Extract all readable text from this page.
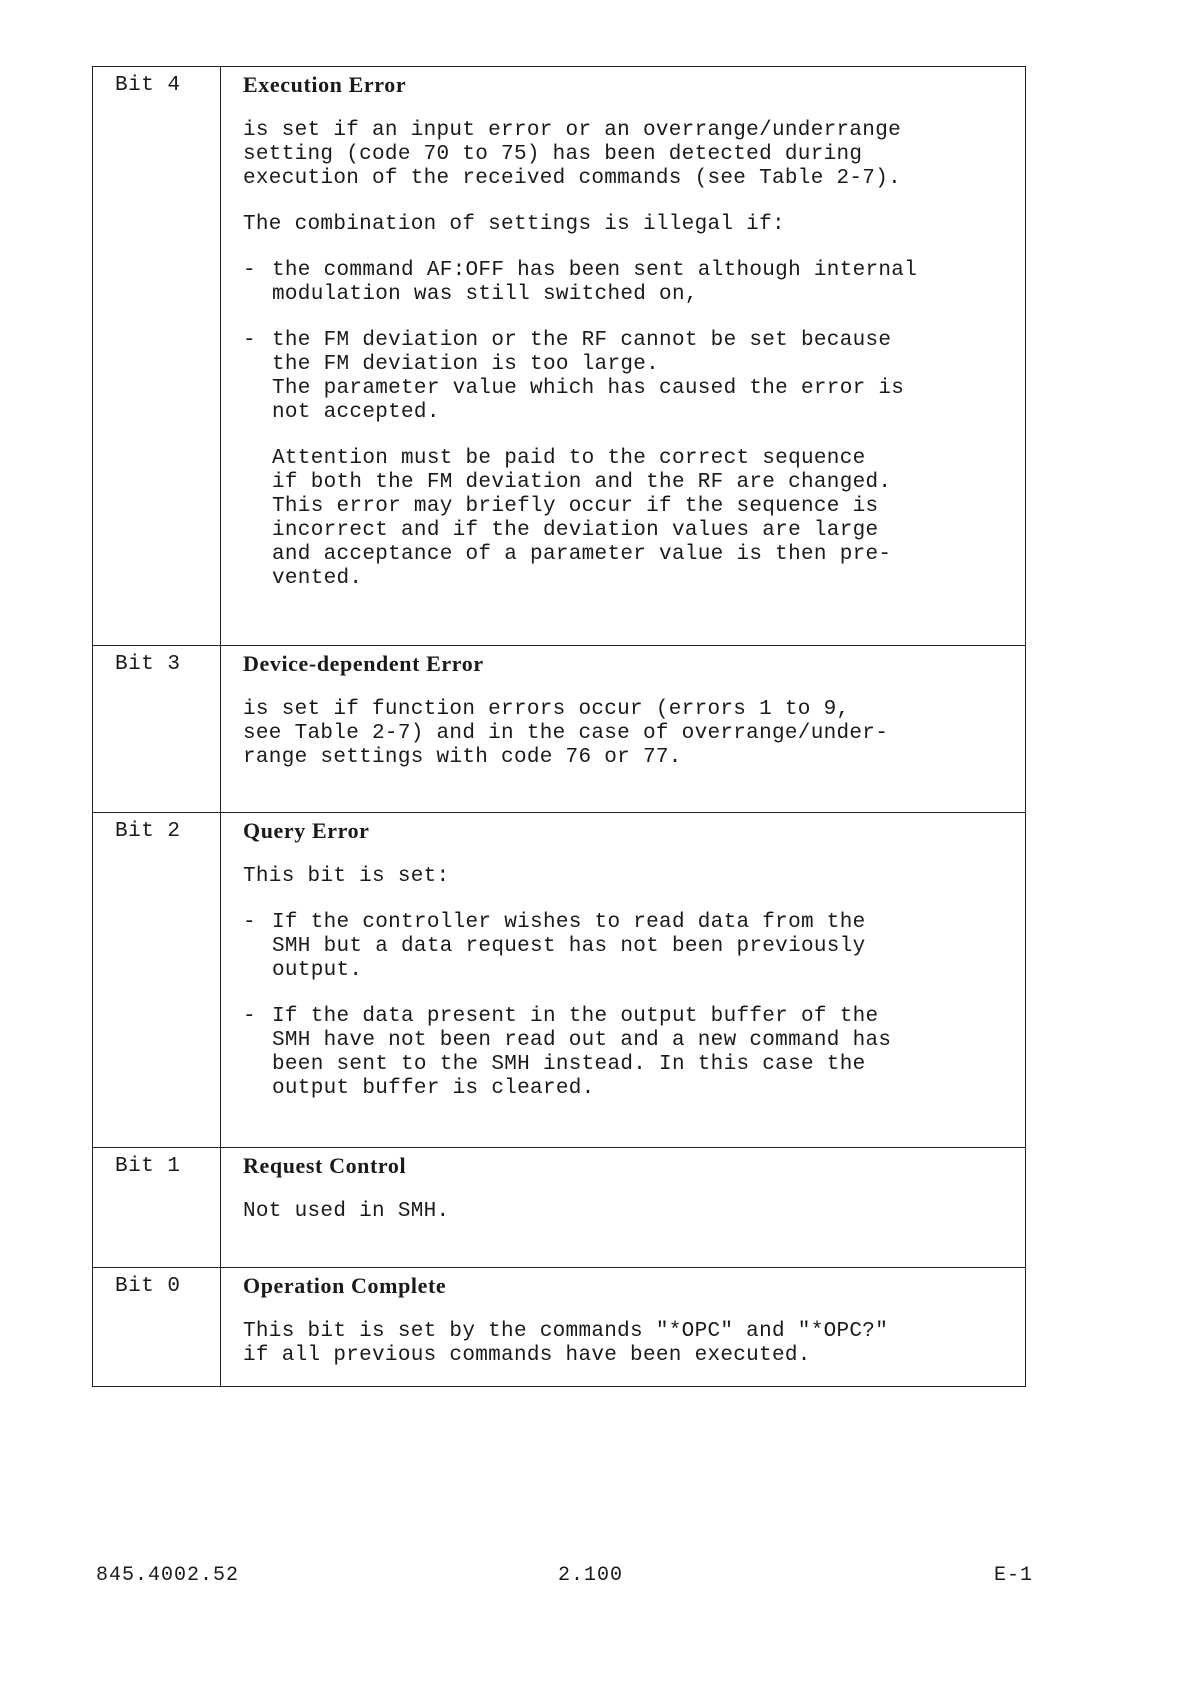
Bit 4	Execution Error
is set if an input error or an overrange/underrange
setting (code 70 to 75) has been detected during
execution of the received commands (see Table 2-7).
The combination of settings is illegal if:
- the command AF:OFF has been sent although internal
modulation was still switched on,
- the FM deviation or the RF cannot be set because
the FM deviation is too large.
The parameter value which has caused the error is
not accepted.
Attention must be paid to the correct sequence
if both the FM deviation and the RF are changed.
This error may briefly occur if the sequence is
incorrect and if the deviation values are large
and acceptance of a parameter value is then pre-
vented.
Bit 3	Device-dependent Error
is set if function errors occur (errors 1 to 9,
see Table 2-7) and in the case of overrange/under-
range settings with code 76 or 77.
Bit 2	Query Error
This bit is set:
- If the controller wishes to read data from the
SMH but a data request has not been previously
output.
- If the data present in the output buffer of the
SMH have not been read out and a new command has
been sent to the SMH instead. In this case the
output buffer is cleared.
Bit 1	Request Control
Not used in SMH.
Bit 0	Operation Complete
This bit is set by the commands "*OPC" and "*OPC?"
if all previous commands have been executed.
845.4002.52	2.100	E-1
